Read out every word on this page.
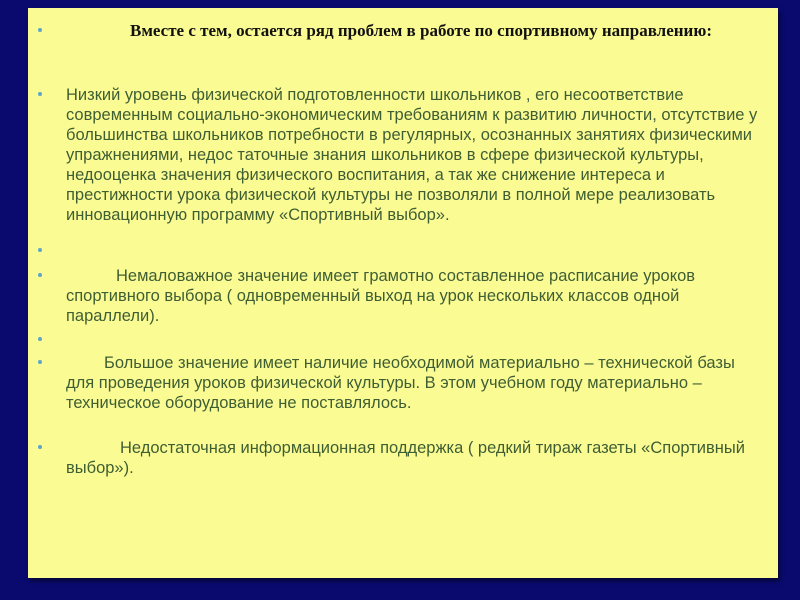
Вместе с тем, остается ряд проблем в работе по спортивному направлению:
Низкий уровень физической подготовленности школьников , его несоответствие современным социально-экономическим требованиям к развитию личности, отсутствие у большинства школьников потребности в регулярных, осознанных занятиях физическими упражнениями, недос таточные знания школьников в сфере физической культуры, недооценка значения физического воспитания, а так же снижение интереса и престижности урока физической культуры не позволяли в полной мере реализовать инновационную программу «Спортивный выбор».
Немаловажное значение имеет грамотно составленное расписание уроков спортивного выбора ( одновременный выход на урок нескольких классов одной параллели).
Большое значение имеет наличие необходимой материально – технической базы для проведения уроков физической культуры. В этом учебном году материально – техническое оборудование не поставлялось.
Недостаточная информационная поддержка ( редкий тираж газеты «Спортивный выбор»).
